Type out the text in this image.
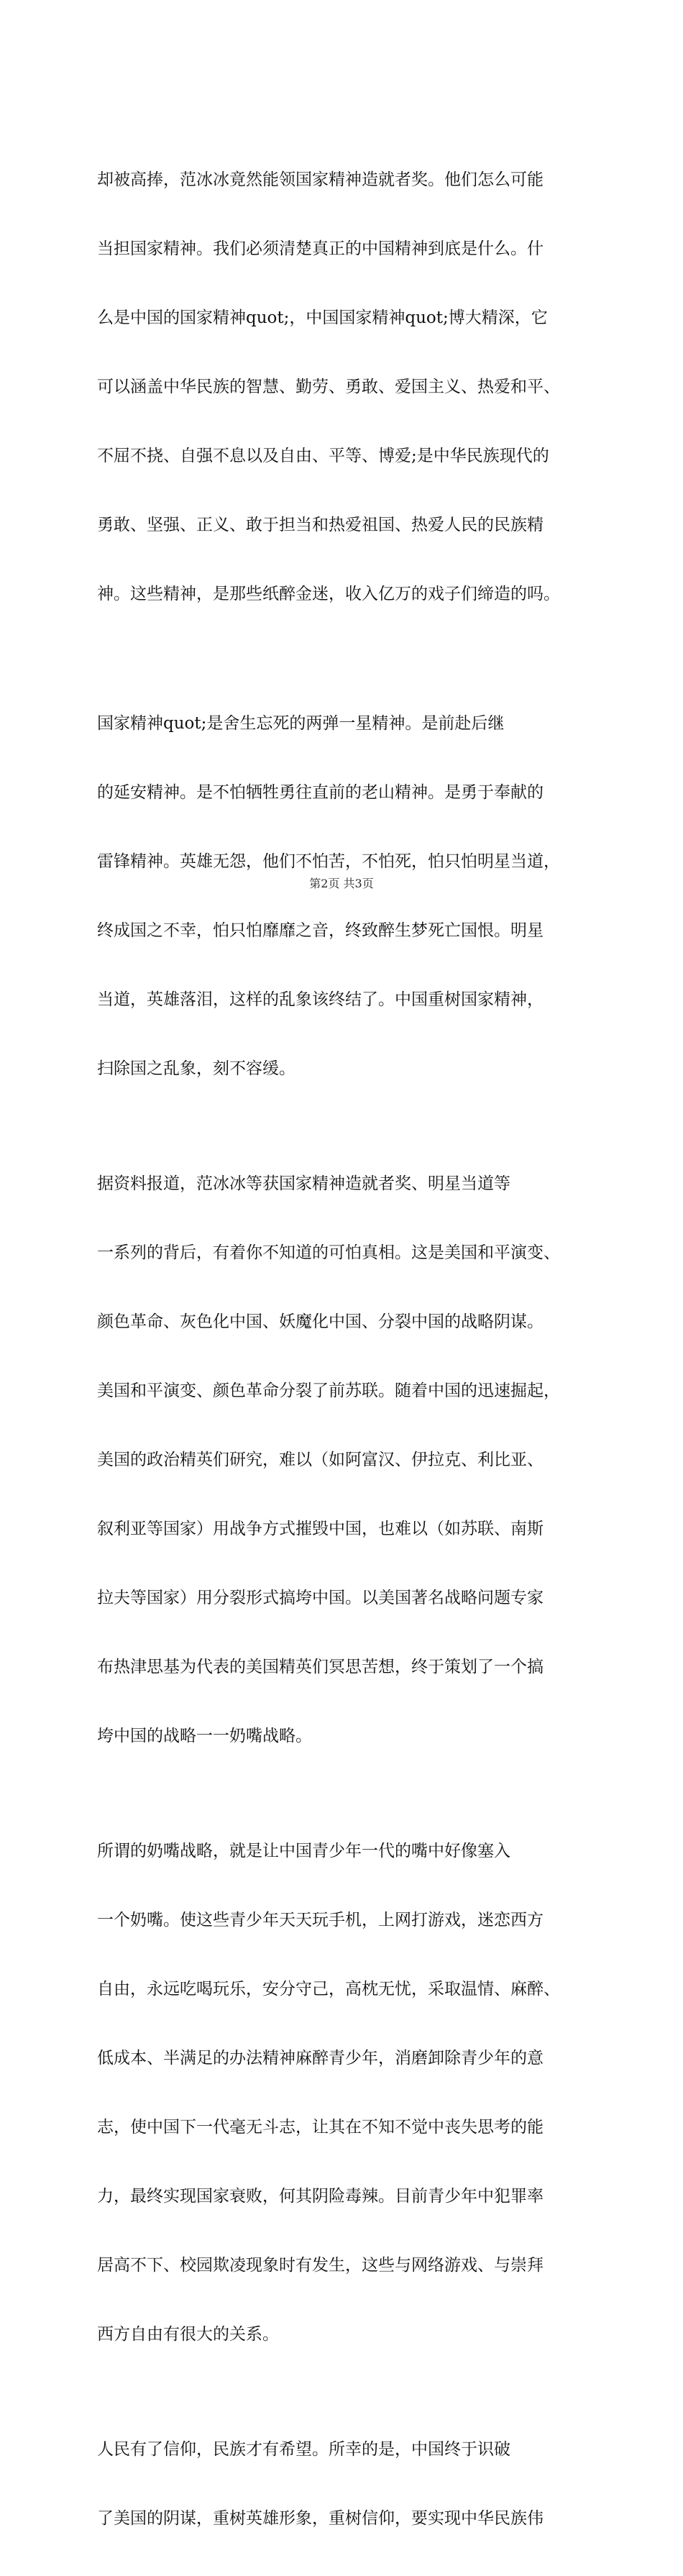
却被高捧，范冰冰竟然能领国家精神造就者奖。他们怎么可能

当担国家精神。我们必须清楚真正的中国精神到底是什么。什

么是中国的国家精神quot;，中国国家精神quot;博大精深，它

可以涵盖中华民族的智慧、勤劳、勇敢、爱国主义、热爱和平、

不屈不挠、自强不息以及自由、平等、博爱;是中华民族现代的

勇敢、坚强、正义、敢于担当和热爱祖国、热爱人民的民族精

神。这些精神，是那些纸醉金迷，收入亿万的戏子们缔造的吗。

国家精神quot;是舍生忘死的两弹一星精神。是前赴后继

的延安精神。是不怕牺牲勇往直前的老山精神。是勇于奉献的

雷锋精神。英雄无怨，他们不怕苦，不怕死，怕只怕明星当道，

终成国之不幸，怕只怕靡靡之音，终致醉生梦死亡国恨。明星

当道，英雄落泪，这样的乱象该终结了。中国重树国家精神，

扫除国之乱象，刻不容缓。

据资料报道，范冰冰等获国家精神造就者奖、明星当道等

一系列的背后，有着你不知道的可怕真相。这是美国和平演变、

颜色革命、灰色化中国、妖魔化中国、分裂中国的战略阴谋。

美国和平演变、颜色革命分裂了前苏联。随着中国的迅速掘起，

美国的政治精英们研究，难以（如阿富汉、伊拉克、利比亚、

叙利亚等国家）用战争方式摧毁中国，也难以（如苏联、南斯

拉夫等国家）用分裂形式搞垮中国。以美国著名战略问题专家

布热津思基为代表的美国精英们冥思苦想，终于策划了一个搞

垮中国的战略一一奶嘴战略。

所谓的奶嘴战略，就是让中国青少年一代的嘴中好像塞入

一个奶嘴。使这些青少年天天玩手机，上网打游戏，迷恋西方

自由，永远吃喝玩乐，安分守己，高枕无忧，采取温情、麻醉、

低成本、半满足的办法精神麻醉青少年，消磨卸除青少年的意

志，使中国下一代毫无斗志，让其在不知不觉中丧失思考的能

力，最终实现国家衰败，何其阴险毒辣。目前青少年中犯罪率

居高不下、校园欺凌现象时有发生，这些与网络游戏、与崇拜

西方自由有很大的关系。

人民有了信仰，民族才有希望。所幸的是，中国终于识破

了美国的阴谋，重树英雄形象，重树信仰，要实现中华民族伟

第2页 共3页
